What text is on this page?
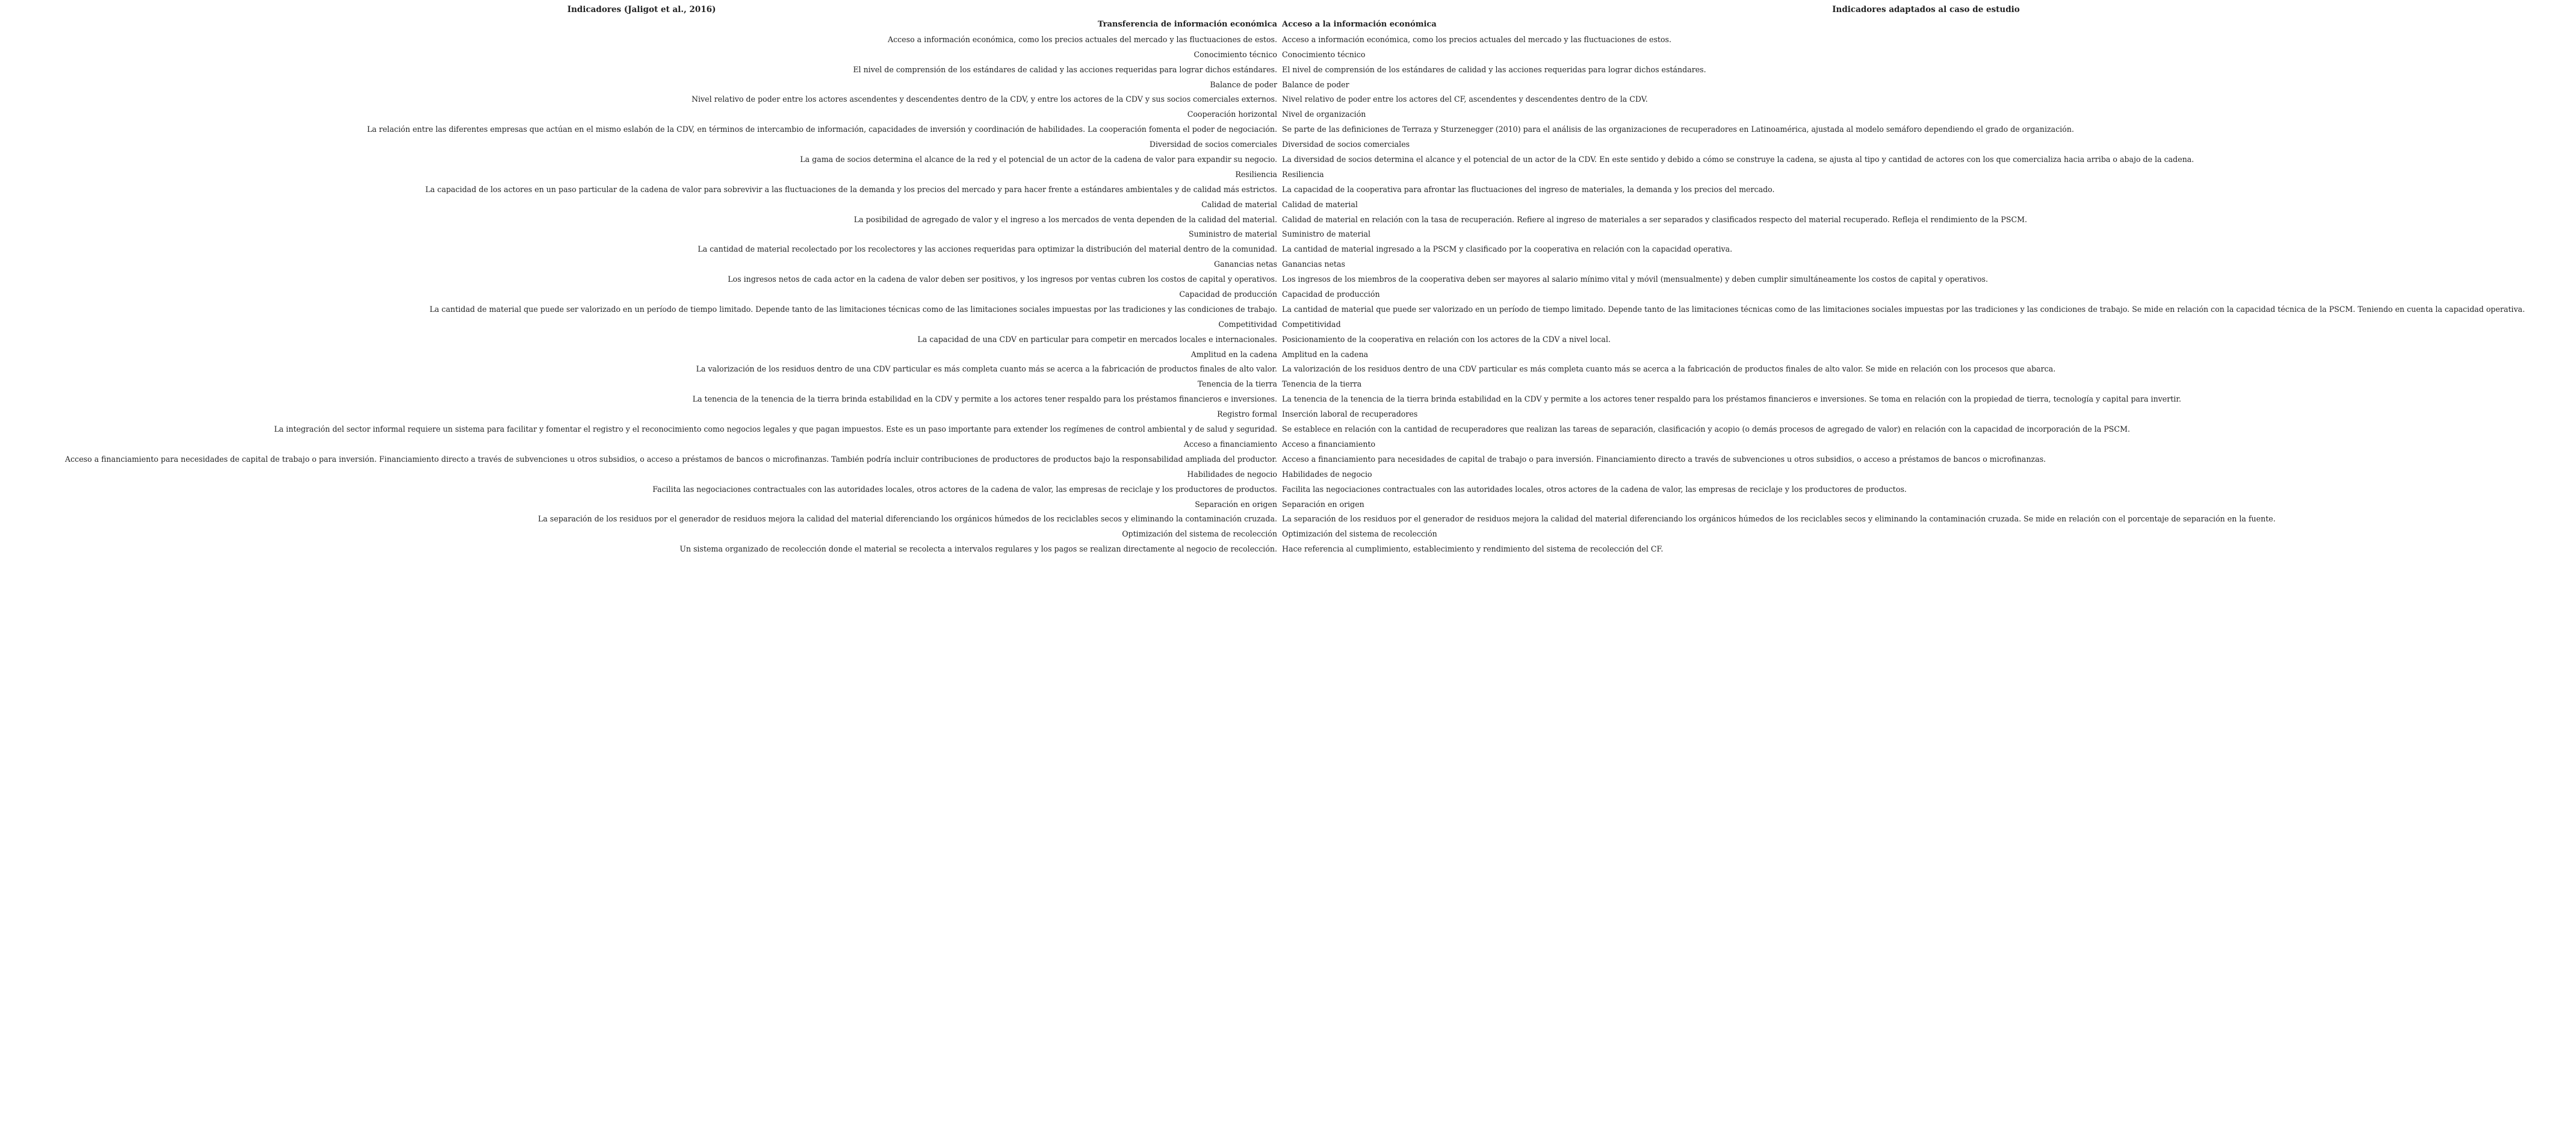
Indicadores (Jaligot et al., 2016)	Indicadores adaptados al caso de estudio
Transferencia de información económica Acceso a la información económica
Acceso a información económica, como los precios actuales del mercado y las fluctuaciones de estos. Acceso a información económica, como los precios actuales del mercado y las fluctuaciones de estos.
Conocimiento técnico Conocimiento técnico
El nivel de comprensión de los estándares de calidad y las acciones requeridas para lograr dichos estándares. El nivel de comprensión de los estándares de calidad y las acciones requeridas para lograr dichos estándares.
Balance de poder Balance de poder
Nivel relativo de poder entre los actores ascendentes y descendentes dentro de la CDV, y entre los actores de la CDV y sus socios comerciales externos. Nivel relativo de poder entre los actores del CF, ascendentes y descendentes dentro de la CDV.
Cooperación horizontal Nivel de organización
La relación entre las diferentes empresas que actúan en el mismo eslabón de la CDV, en términos de intercambio de información, capacidades de inversión y coordinación de habilidades. La cooperación fomenta el poder de negociación. Se parte de las definiciones de Terraza y Sturzenegger (2010) para el análisis de las organizaciones de recuperadores en Latinoamérica, ajustada al modelo semáforo dependiendo el grado de organización.
Diversidad de socios comerciales Diversidad de socios comerciales
La gama de socios determina el alcance de la red y el potencial de un actor de la cadena de valor para expandir su negocio. La diversidad de socios determina el alcance y el potencial de un actor de la CDV. En este sentido y debido a cómo se construye la cadena, se ajusta al tipo y cantidad de actores con los que comercializa hacia arriba o abajo de la cadena.
Resiliencia Resiliencia
La capacidad de los actores en un paso particular de la cadena de valor para sobrevivir a las fluctuaciones de la demanda y los precios del mercado y para hacer frente a estándares ambientales y de calidad más estrictos. La capacidad de la cooperativa para afrontar las fluctuaciones del ingreso de materiales, la demanda y los precios del mercado.
Calidad de material Calidad de material
La posibilidad de agregado de valor y el ingreso a los mercados de venta dependen de la calidad del material. Calidad de material en relación con la tasa de recuperación. Refiere al ingreso de materiales a ser separados y clasificados respecto del material recuperado. Refleja el rendimiento de la PSCM.
Suministro de material Suministro de material
La cantidad de material recolectado por los recolectores y las acciones requeridas para optimizar la distribución del material dentro de la comunidad. La cantidad de material ingresado a la PSCM y clasificado por la cooperativa en relación con la capacidad operativa.
Ganancias netas Ganancias netas
Los ingresos netos de cada actor en la cadena de valor deben ser positivos, y los ingresos por ventas cubren los costos de capital y operativos. Los ingresos de los miembros de la cooperativa deben ser mayores al salario mínimo vital y móvil (mensualmente) y deben cumplir simultáneamente los costos de capital y operativos.
Capacidad de producción Capacidad de producción
La cantidad de material que puede ser valorizado en un período de tiempo limitado. Depende tanto de las limitaciones técnicas como de las limitaciones sociales impuestas por las tradiciones y las condiciones de trabajo. La cantidad de material que puede ser valorizado en un período de tiempo limitado. Depende tanto de las limitaciones técnicas como de las limitaciones sociales impuestas por las tradiciones y las condiciones de trabajo. Se mide en relación con la capacidad técnica de la PSCM. Teniendo en cuenta la capacidad operativa.
Competitividad Competitividad
La capacidad de una CDV en particular para competir en mercados locales e internacionales. Posicionamiento de la cooperativa en relación con los actores de la CDV a nivel local.
Amplitud en la cadena Amplitud en la cadena
La valorización de los residuos dentro de una CDV particular es más completa cuanto más se acerca a la fabricación de productos finales de alto valor. La valorización de los residuos dentro de una CDV particular es más completa cuanto más se acerca a la fabricación de productos finales de alto valor. Se mide en relación con los procesos que abarca.
Tenencia de la tierra Tenencia de la tierra
La tenencia de la tenencia de la tierra brinda estabilidad en la CDV y permite a los actores tener respaldo para los préstamos financieros e inversiones. La tenencia de la tenencia de la tierra brinda estabilidad en la CDV y permite a los actores tener respaldo para los préstamos financieros e inversiones. Se toma en relación con la propiedad de tierra, tecnología y capital para invertir.
Registro formal Inserción laboral de recuperadores
La integración del sector informal requiere un sistema para facilitar y fomentar el registro y el reconocimiento como negocios legales y que pagan impuestos. Este es un paso importante para extender los regímenes de control ambiental y de salud y seguridad. Se establece en relación con la cantidad de recuperadores que realizan las tareas de separación, clasificación y acopio (o demás procesos de agregado de valor) en relación con la capacidad de incorporación de la PSCM.
Acceso a financiamiento Acceso a financiamiento
Acceso a financiamiento para necesidades de capital de trabajo o para inversión. Financiamiento directo a través de subvenciones u otros subsidios, o acceso a préstamos de bancos o microfinanzas. También podría incluir contribuciones de productores de productos bajo la responsabilidad ampliada del productor. Acceso a financiamiento para necesidades de capital de trabajo o para inversión. Financiamiento directo a través de subvenciones u otros subsidios, o acceso a préstamos de bancos o microfinanzas.
Habilidades de negocio Habilidades de negocio
Facilita las negociaciones contractuales con las autoridades locales, otros actores de la cadena de valor, las empresas de reciclaje y los productores de productos. Facilita las negociaciones contractuales con las autoridades locales, otros actores de la cadena de valor, las empresas de reciclaje y los productores de productos.
Separación en origen Separación en origen
La separación de los residuos por el generador de residuos mejora la calidad del material diferenciando los orgánicos húmedos de los reciclables secos y eliminando la contaminación cruzada. La separación de los residuos por el generador de residuos mejora la calidad del material diferenciando los orgánicos húmedos de los reciclables secos y eliminando la contaminación cruzada. Se mide en relación con el porcentaje de separación en la fuente.
Optimización del sistema de recolección Optimización del sistema de recolección
Un sistema organizado de recolección donde el material se recolecta a intervalos regulares y los pagos se realizan directamente al negocio de recolección. Hace referencia al cumplimiento, establecimiento y rendimiento del sistema de recolección del CF.
